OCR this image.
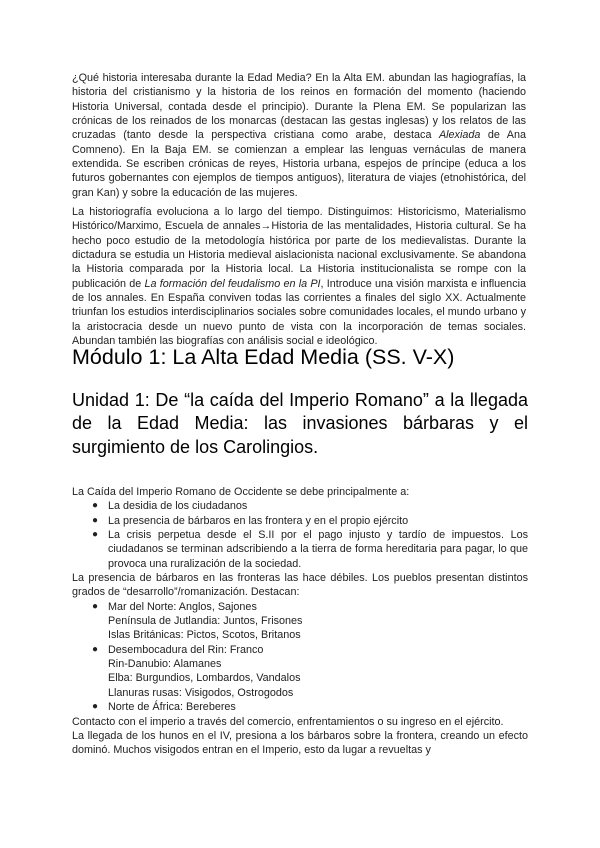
¿Qué historia interesaba durante la Edad Media? En la Alta EM. abundan las hagiografías, la historia del cristianismo y la historia de los reinos en formación del momento (haciendo Historia Universal, contada desde el principio). Durante la Plena EM. Se popularizan las crónicas de los reinados de los monarcas (destacan las gestas inglesas) y los relatos de las cruzadas (tanto desde la perspectiva cristiana como arabe, destaca Alexiada de Ana Comneno). En la Baja EM. se comienzan a emplear las lenguas vernáculas de manera extendida. Se escriben crónicas de reyes, Historia urbana, espejos de príncipe (educa a los futuros gobernantes con ejemplos de tiempos antiguos), literatura de viajes (etnohistórica, del gran Kan) y sobre la educación de las mujeres.

La historiografía evoluciona a lo largo del tiempo. Distinguimos: Historicismo, Materialismo Histórico/Marximo, Escuela de annales→Historia de las mentalidades, Historia cultural. Se ha hecho poco estudio de la metodología histórica por parte de los medievalistas. Durante la dictadura se estudia un Historia medieval aislacionista nacional exclusivamente. Se abandona la Historia comparada por la Historia local. La Historia institucionalista se rompe con la publicación de La formación del feudalismo en la PI, Introduce una visión marxista e influencia de los annales. En España conviven todas las corrientes a finales del siglo XX. Actualmente triunfan los estudios interdisciplinarios sociales sobre comunidades locales, el mundo urbano y la aristocracia desde un nuevo punto de vista con la incorporación de temas sociales. Abundan también las biografías con análisis social e ideológico.

Módulo 1: La Alta Edad Media (SS. V-X)
Unidad 1: De “la caída del Imperio Romano” a la llegada de la Edad Media: las invasiones bárbaras y el surgimiento de los Carolingios.

La Caída del Imperio Romano de Occidente se debe principalmente a:

● La desidia de los ciudadanos
● La presencia de bárbaros en las frontera y en el propio ejército
● La crisis perpetua desde el S.II por el pago injusto y tardío de impuestos. Los ciudadanos se terminan adscribiendo a la tierra de forma hereditaria para pagar, lo que provoca una ruralización de la sociedad.

La presencia de bárbaros en las fronteras las hace débiles. Los pueblos presentan distintos grados de “desarrollo”/romanización. Destacan:

● Mar del Norte: Anglos, Sajones
Península de Jutlandia: Juntos, Frisones
Islas Británicas: Pictos, Scotos, Britanos
● Desembocadura del Rin: Franco
Rin-Danubio: Alamanes
Elba: Burgundios, Lombardos, Vandalos
Llanuras rusas: Visigodos, Ostrogodos
● Norte de África: Bereberes

Contacto con el imperio a través del comercio, enfrentamientos o su ingreso en el ejército.

La llegada de los hunos en el IV, presiona a los bárbaros sobre la frontera, creando un efecto dominó. Muchos visigodos entran en el Imperio, esto da lugar a revueltas y
